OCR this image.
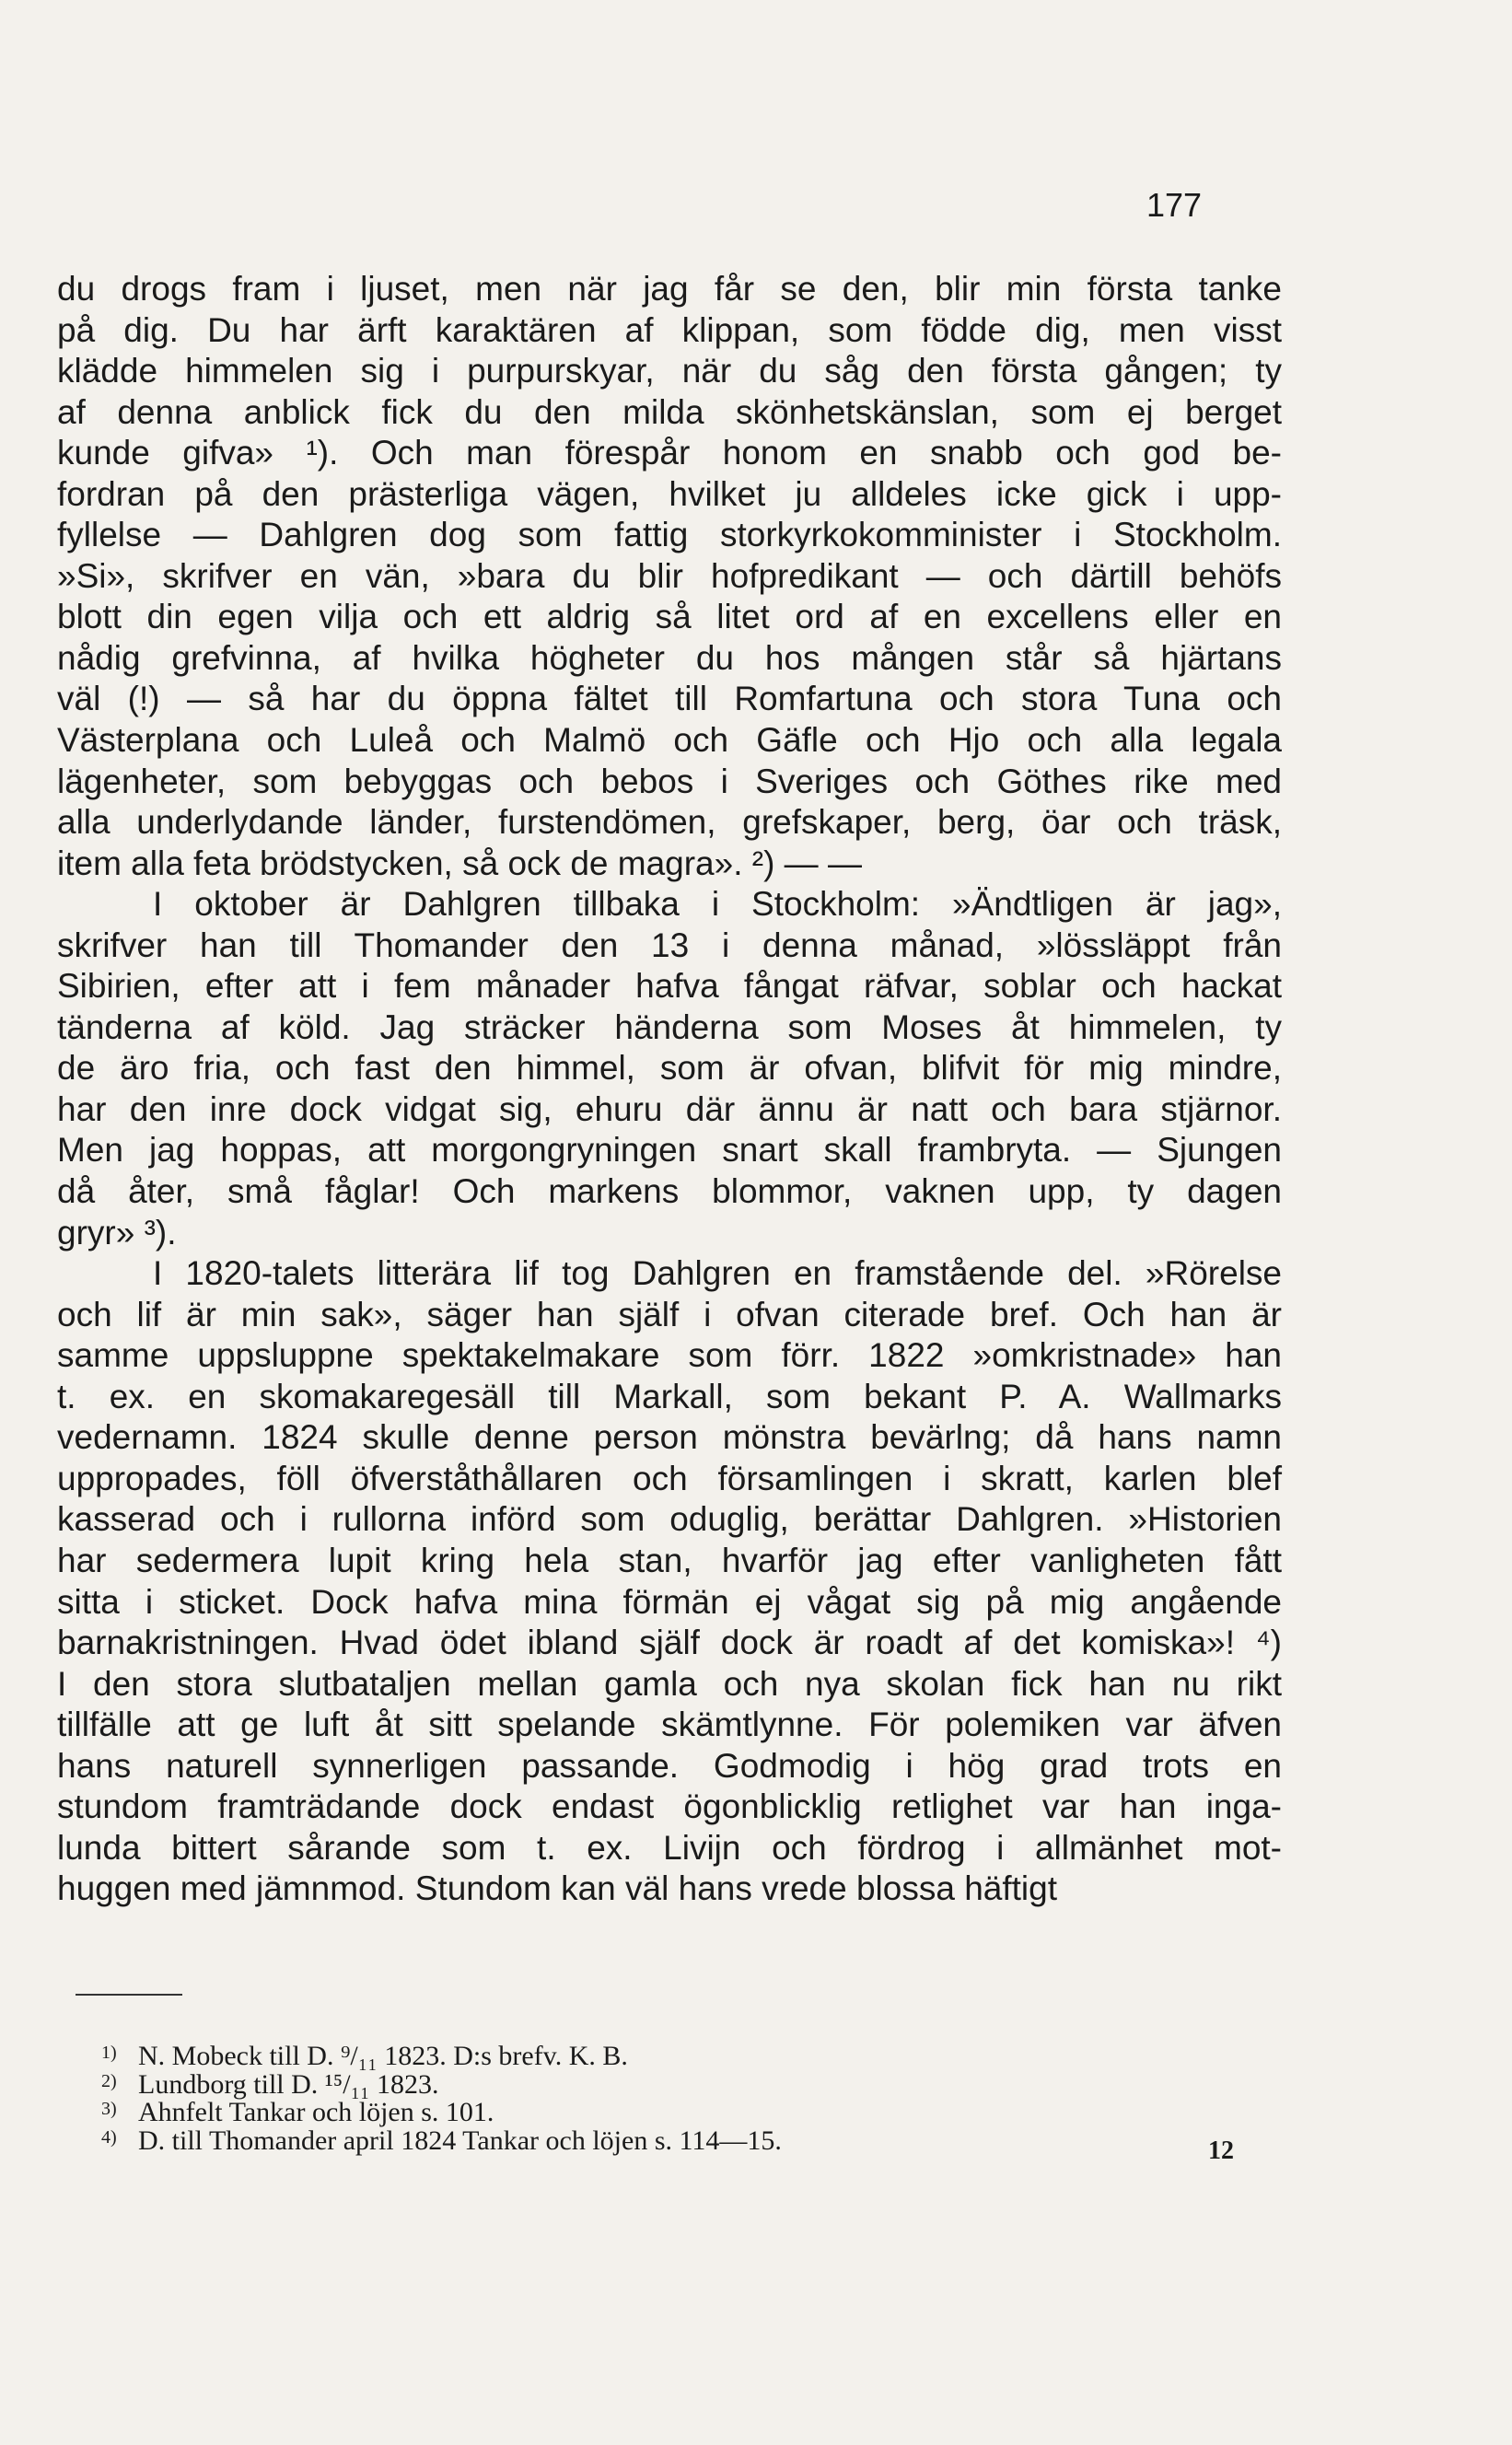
177

du drogs fram i ljuset, men när jag får se den, blir min första tanke

på dig. Du har ärft karaktären af klippan, som födde dig, men visst

klädde himmelen sig i purpurskyar, när du såg den första gången; ty

af denna anblick fick du den milda skönhetskänslan, som ej berget

kunde gifva» ¹). Och man förespår honom en snabb och god be-

fordran på den prästerliga vägen, hvilket ju alldeles icke gick i upp-

fyllelse — Dahlgren dog som fattig storkyrkokomminister i Stockholm.

»Si», skrifver en vän, »bara du blir hofpredikant — och därtill behöfs

blott din egen vilja och ett aldrig så litet ord af en excellens eller en

nådig grefvinna, af hvilka högheter du hos mången står så hjärtans

väl (!) — så har du öppna fältet till Romfartuna och stora Tuna och

Västerplana och Luleå och Malmö och Gäfle och Hjo och alla legala

lägenheter, som bebyggas och bebos i Sveriges och Göthes rike med

alla underlydande länder, furstendömen, grefskaper, berg, öar och träsk,

item alla feta brödstycken, så ock de magra». ²) — —

I oktober är Dahlgren tillbaka i Stockholm: »Ändtligen är jag»,

skrifver han till Thomander den 13 i denna månad, »lössläppt från

Sibirien, efter att i fem månader hafva fångat räfvar, soblar och hackat

tänderna af köld. Jag sträcker händerna som Moses åt himmelen, ty

de äro fria, och fast den himmel, som är ofvan, blifvit för mig mindre,

har den inre dock vidgat sig, ehuru där ännu är natt och bara stjärnor.

Men jag hoppas, att morgongryningen snart skall frambryta. — Sjungen

då åter, små fåglar! Och markens blommor, vaknen upp, ty dagen

gryr» ³).

I 1820-talets litterära lif tog Dahlgren en framstående del. »Rörelse

och lif är min sak», säger han själf i ofvan citerade bref. Och han är

samme uppsluppne spektakelmakare som förr. 1822 »omkristnade» han

t. ex. en skomakaregesäll till Markall, som bekant P. A. Wallmarks

vedernamn. 1824 skulle denne person mönstra bevärlng; då hans namn

uppropades, föll öfverståthållaren och församlingen i skratt, karlen blef

kasserad och i rullorna införd som oduglig, berättar Dahlgren. »Historien

har sedermera lupit kring hela stan, hvarför jag efter vanligheten fått

sitta i sticket. Dock hafva mina förmän ej vågat sig på mig angående

barnakristningen. Hvad ödet ibland själf dock är roadt af det komiska»! ⁴)

I den stora slutbataljen mellan gamla och nya skolan fick han nu rikt

tillfälle att ge luft åt sitt spelande skämtlynne. För polemiken var äfven

hans naturell synnerligen passande. Godmodig i hög grad trots en

stundom framträdande dock endast ögonblicklig retlighet var han inga-

lunda bittert sårande som t. ex. Livijn och fördrog i allmänhet mot-

huggen med jämnmod. Stundom kan väl hans vrede blossa häftigt

1) N. Mobeck till D. ⁹/₁₁ 1823. D:s brefv. K. B.

2) Lundborg till D. ¹⁵/₁₁ 1823.

3) Ahnfelt Tankar och löjen s. 101.

4) D. till Thomander april 1824 Tankar och löjen s. 114—15.	12
